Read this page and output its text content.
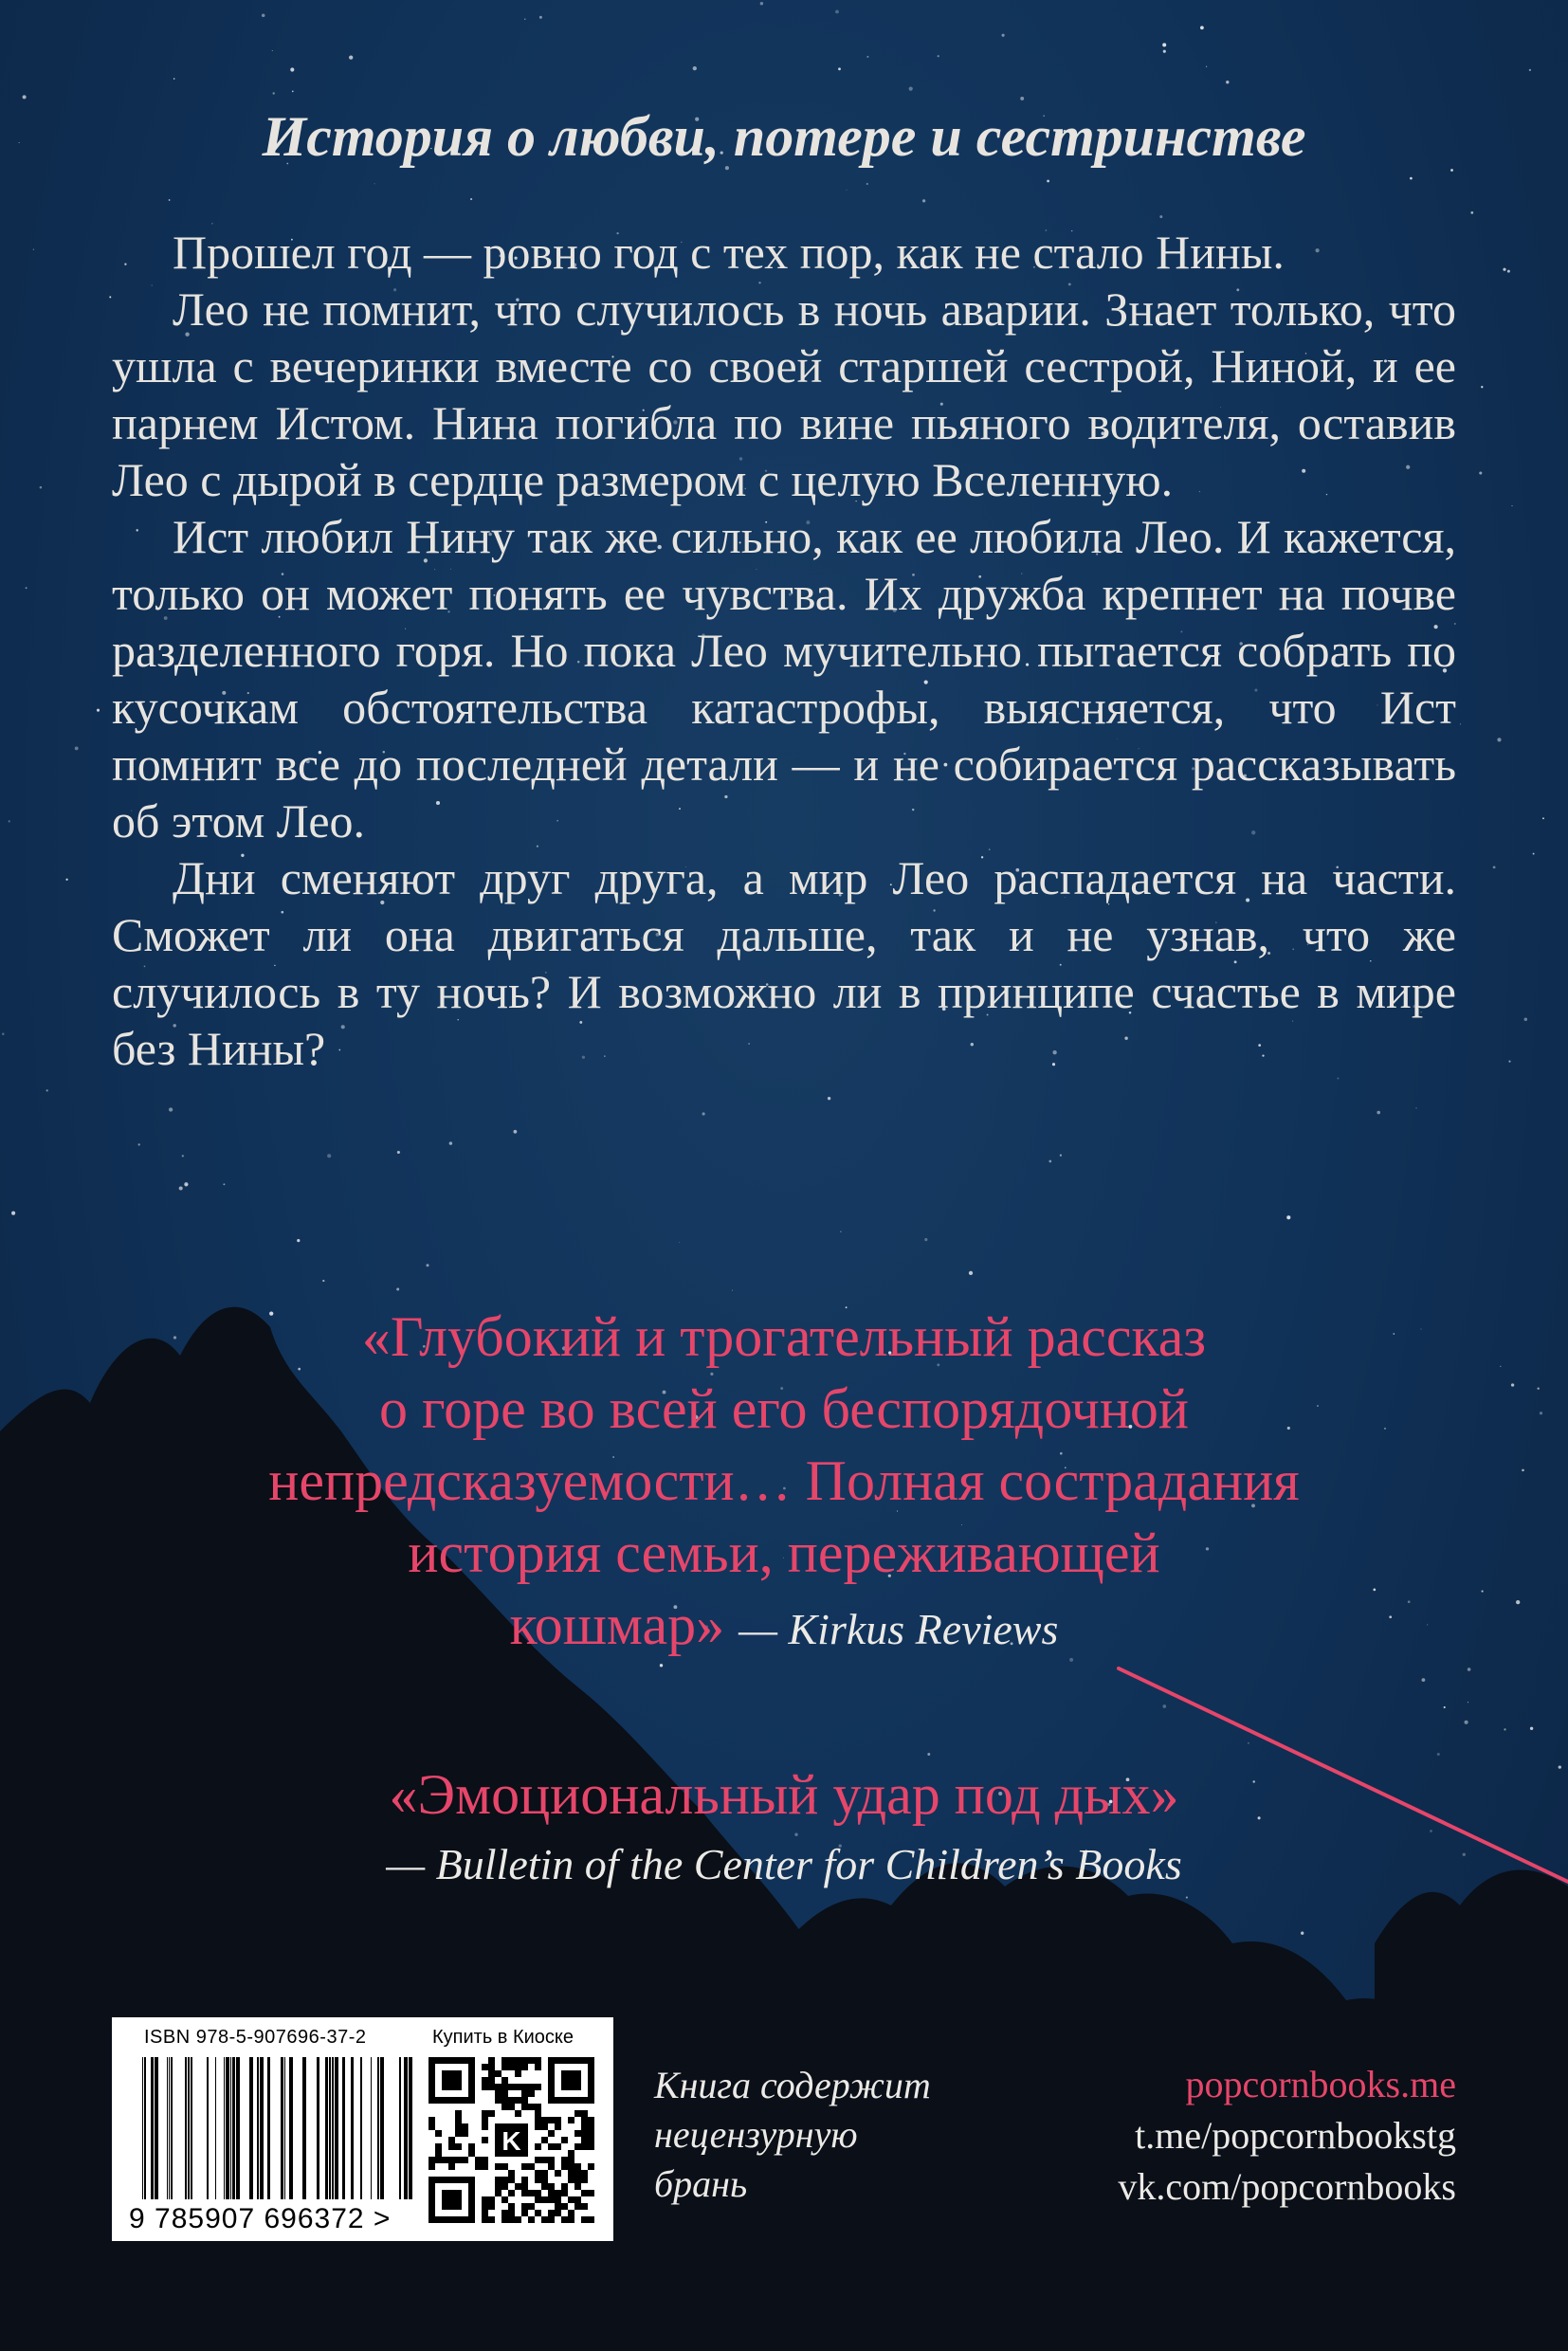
История о любви, потере и сестринстве

Прошел год — ровно год с тех пор, как не стало Нины.

Лео не помнит, что случилось в ночь аварии. Знает только, что ушла с вечеринки вместе со своей старшей сестрой, Ниной, и ее парнем Истом. Нина погибла по вине пьяного водителя, оставив Лео с дырой в сердце размером с целую Вселенную.

Ист любил Нину так же сильно, как ее любила Лео. И кажется, только он может понять ее чувства. Их дружба крепнет на почве разделенного горя. Но пока Лео мучительно пытается собрать по кусочкам обстоятельства катастрофы, выясняется, что Ист помнит все до последней детали — и не собирается рассказывать об этом Лео.

Дни сменяют друг друга, а мир Лео распадается на части. Сможет ли она двигаться дальше, так и не узнав, что же случилось в ту ночь? И возможно ли в принципе счастье в мире без Нины?

«Глубокий и трогательный рассказ
о горе во всей его беспорядочной
непредсказуемости… Полная сострадания
история семьи, переживающей
кошмар» — Kirkus Reviews
«Эмоциональный удар под дых»
— Bulletin of the Center for Children’s Books
ISBN 978-5-907696-37-2	Купить в Киоске
K
9 785907 696372 >
Книга содержит
нецензурную
брань
popcornbooks.me
t.me/popcornbookstg
vk.com/popcornbooks
